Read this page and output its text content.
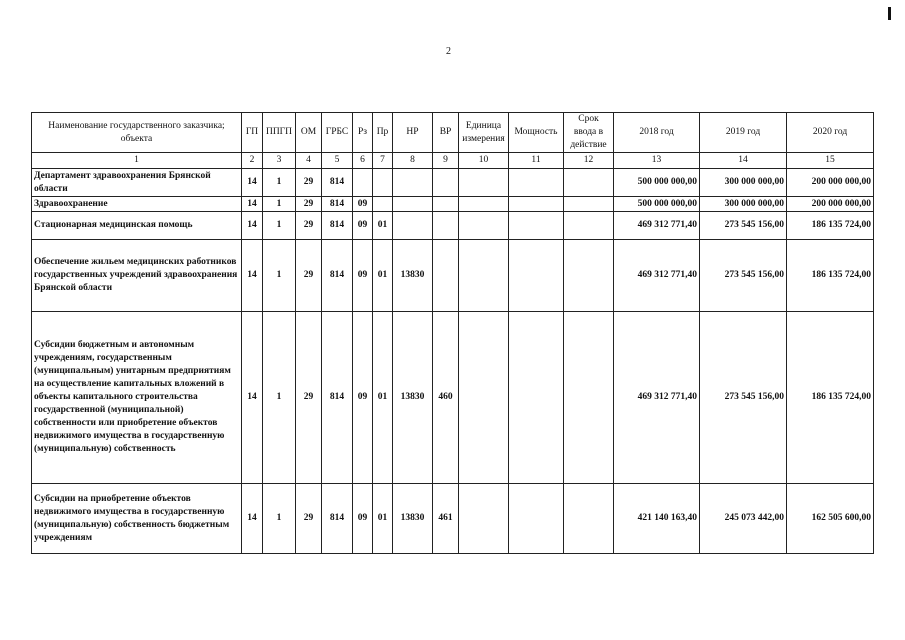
2
Наименование государственного заказчика; объекта	ГП	ППГП	ОМ	ГРБС	Рз	Пр	НР	ВР	Единица измерения	Мощность	Срок ввода в действие	2018 год	2019 год	2020 год
1	2	3	4	5	6	7	8	9	10	11	12	13	14	15
Департамент здравоохранения Брянской области	14	1	29	814								500 000 000,00	300 000 000,00	200 000 000,00
Здравоохранение	14	1	29	814	09							500 000 000,00	300 000 000,00	200 000 000,00
Стационарная медицинская помощь	14	1	29	814	09	01						469 312 771,40	273 545 156,00	186 135 724,00
Обеспечение жильем медицинских работников государственных учреждений здравоохранения Брянской области	14	1	29	814	09	01	13830					469 312 771,40	273 545 156,00	186 135 724,00
Субсидии бюджетным и автономным учреждениям, государственным (муниципальным) унитарным предприятиям на осуществление капитальных вложений в объекты капитального строительства государственной (муниципальной) собственности или приобретение объектов недвижимого имущества в государственную (муниципальную) собственность	14	1	29	814	09	01	13830	460				469 312 771,40	273 545 156,00	186 135 724,00
Субсидии на приобретение объектов недвижимого имущества в государственную (муниципальную) собственность бюджетным учреждениям	14	1	29	814	09	01	13830	461				421 140 163,40	245 073 442,00	162 505 600,00
